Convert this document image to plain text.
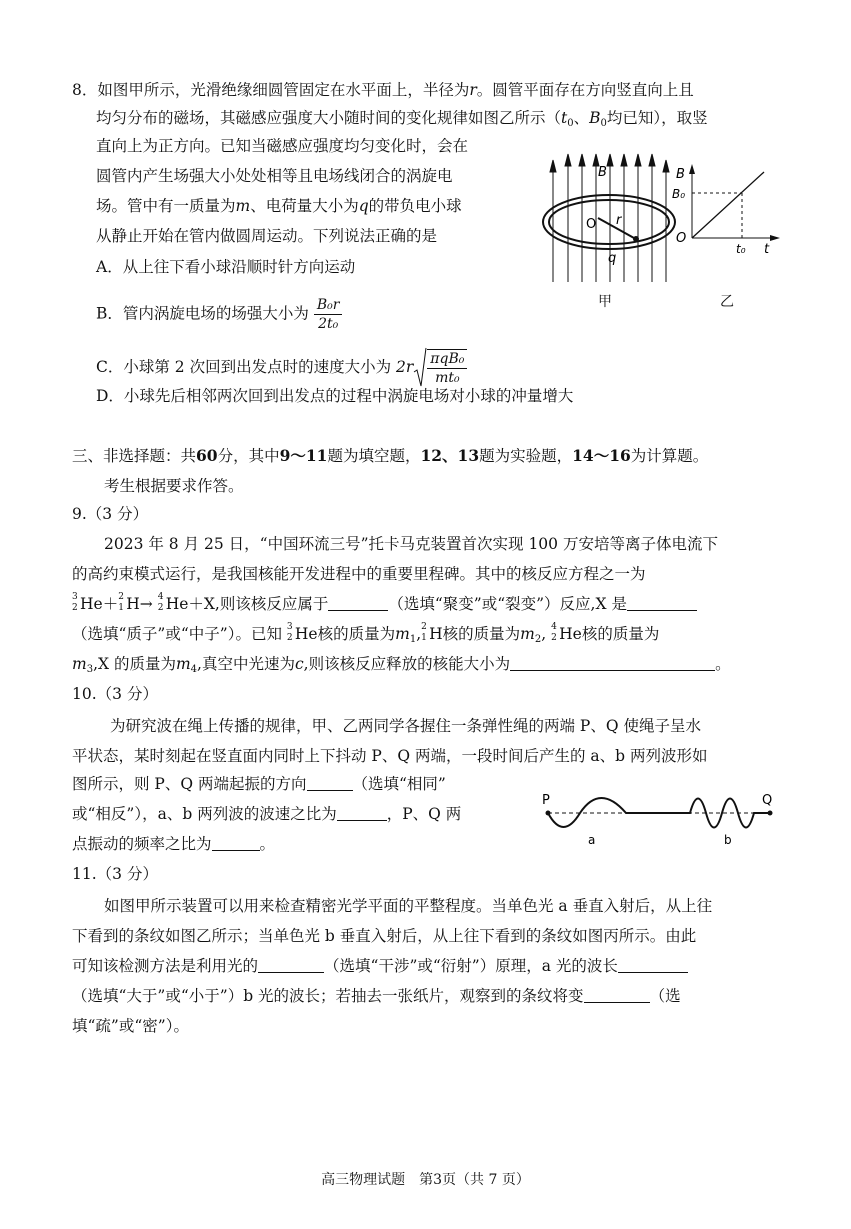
8．如图甲所示，光滑绝缘细圆管固定在水平面上，半径为r。圆管平面存在方向竖直向上且
均匀分布的磁场，其磁感应强度大小随时间的变化规律如图乙所示（$t_0$、$B_0$均已知），取竖
直向上为正方向。已知当磁感应强度均匀变化时，会在
圆管内产生场强大小处处相等且电场线闭合的涡旋电
场。管中有一质量为m、电荷量大小为q的带负电小球
从静止开始在管内做圆周运动。下列说法正确的是
A．从上往下看小球沿顺时针方向运动
B．管内涡旋电场的场强大小为 $\frac{\text{B₀r}}{\text{2t₀}}$
C．小球第 2 次回到出发点时的速度大小为 $2r \frac{\text{πqB₀}}{\text{mt₀}}$
D．小球先后相邻两次回到出发点的过程中涡旋电场对小球的冲量增大
B
O r
q
甲
B
B₀
O
t₀ t
乙
三、非选择题：共60分，其中9～11题为填空题，12、13题为实验题，14～16为计算题。
考生根据要求作答。
9.（3 分）
2023 年 8 月 25 日，“中国环流三号”托卡马克装置首次实现 100 万安培等离子体电流下
的高约束模式运行，是我国核能开发进程中的重要里程碑。其中的核反应方程之一为
3
2 He＋ 2
1 H→ 4
2 He＋X,则该核反应属于	（选填“聚变”或“裂变”）反应,X 是
（选填“质子”或“中子”）。已知 3
2 He核的质量为$m_1$, 2
1 H核的质量为$m_2$, 4
2 He核的质量为
$m_3,X$ 的质量为$m_4$,真空中光速为c,则该核反应释放的核能大小为	。
10.（3 分）
为研究波在绳上传播的规律，甲、乙两同学各握住一条弹性绳的两端 P、Q 使绳子呈水
平状态，某时刻起在竖直面内同时上下抖动 P、Q 两端，一段时间后产生的 a、b 两列波形如
图所示，则 P、Q 两端起振的方向	（选填“相同”
或“相反”），a、b 两列波的波速之比为	，P、Q 两
点振动的频率之比为	。
P	Q
a	b
11.（3 分）
如图甲所示装置可以用来检查精密光学平面的平整程度。当单色光 a 垂直入射后，从上往
下看到的条纹如图乙所示；当单色光 b 垂直入射后，从上往下看到的条纹如图丙所示。由此
可知该检测方法是利用光的	（选填“干涉”或“衍射”）原理，a 光的波长
（选填“大于”或“小于”）b 光的波长；若抽去一张纸片，观察到的条纹将变	（选
填“疏”或“密”）。
高三物理试题　第3页（共 7 页）
